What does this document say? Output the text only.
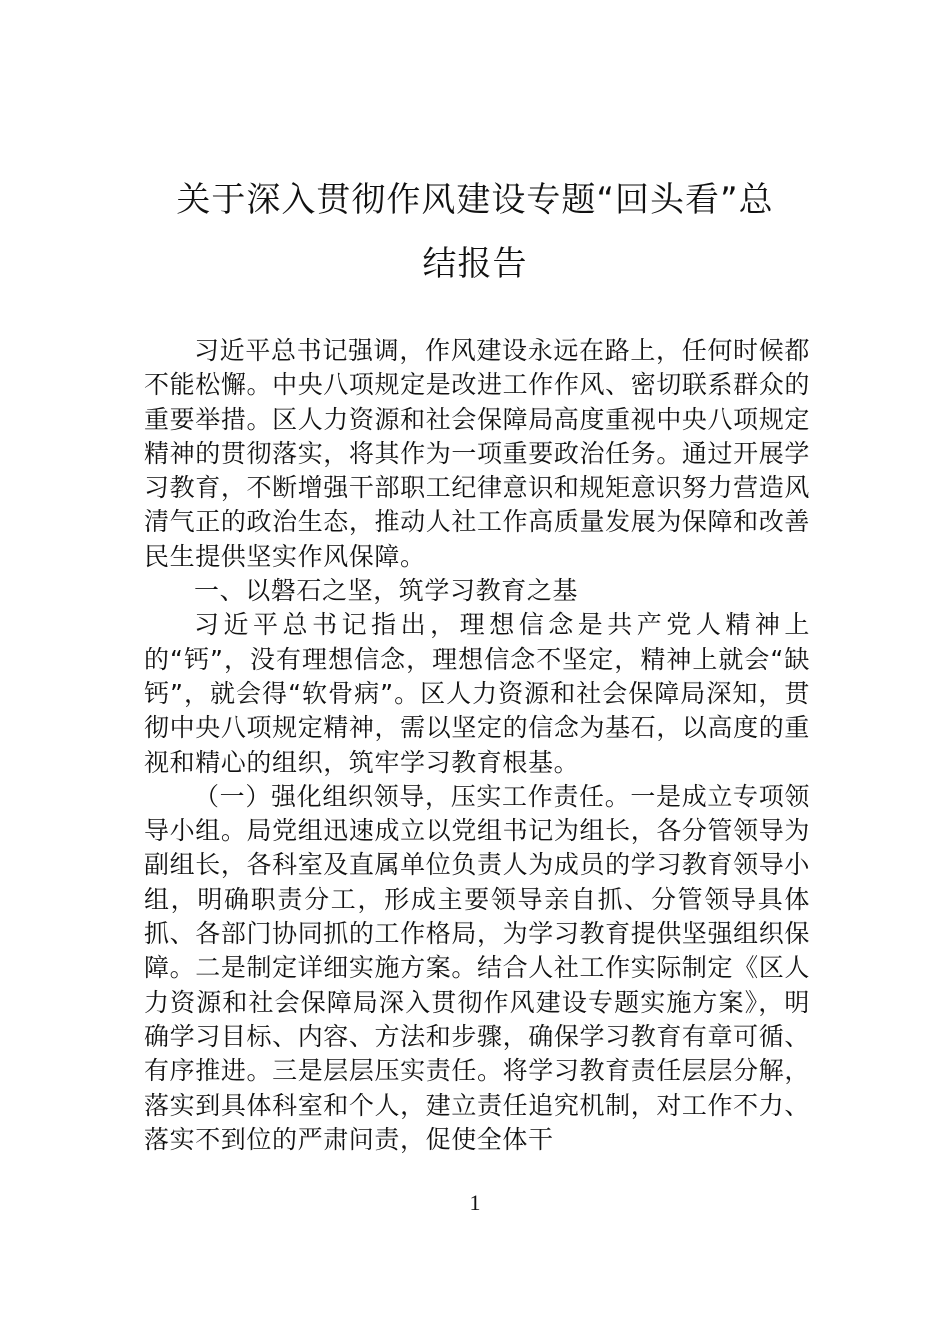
关于深入贯彻作风建设专题“回头看”总
结报告

习近平总书记强调，作风建设永远在路上，任何时候都不能松懈。中央八项规定是改进工作作风、密切联系群众的重要举措。区人力资源和社会保障局高度重视中央八项规定精神的贯彻落实，将其作为一项重要政治任务。通过开展学习教育，不断增强干部职工纪律意识和规矩意识努力营造风清气正的政治生态，推动人社工作高质量发展为保障和改善民生提供坚实作风保障。

一、以磐石之坚，筑学习教育之基

习近平总书记指出，理想信念是共产党人精神上的“钙”，没有理想信念，理想信念不坚定，精神上就会“缺钙”，就会得“软骨病”。区人力资源和社会保障局深知，贯彻中央八项规定精神，需以坚定的信念为基石，以高度的重视和精心的组织，筑牢学习教育根基。

（一）强化组织领导，压实工作责任。一是成立专项领导小组。局党组迅速成立以党组书记为组长，各分管领导为副组长，各科室及直属单位负责人为成员的学习教育领导小组，明确职责分工，形成主要领导亲自抓、分管领导具体抓、各部门协同抓的工作格局，为学习教育提供坚强组织保障。二是制定详细实施方案。结合人社工作实际制定《区人力资源和社会保障局深入贯彻作风建设专题实施方案》，明确学习目标、内容、方法和步骤，确保学习教育有章可循、有序推进。三是层层压实责任。将学习教育责任层层分解，落实到具体科室和个人，建立责任追究机制，对工作不力、落实不到位的严肃问责，促使全体干

1
